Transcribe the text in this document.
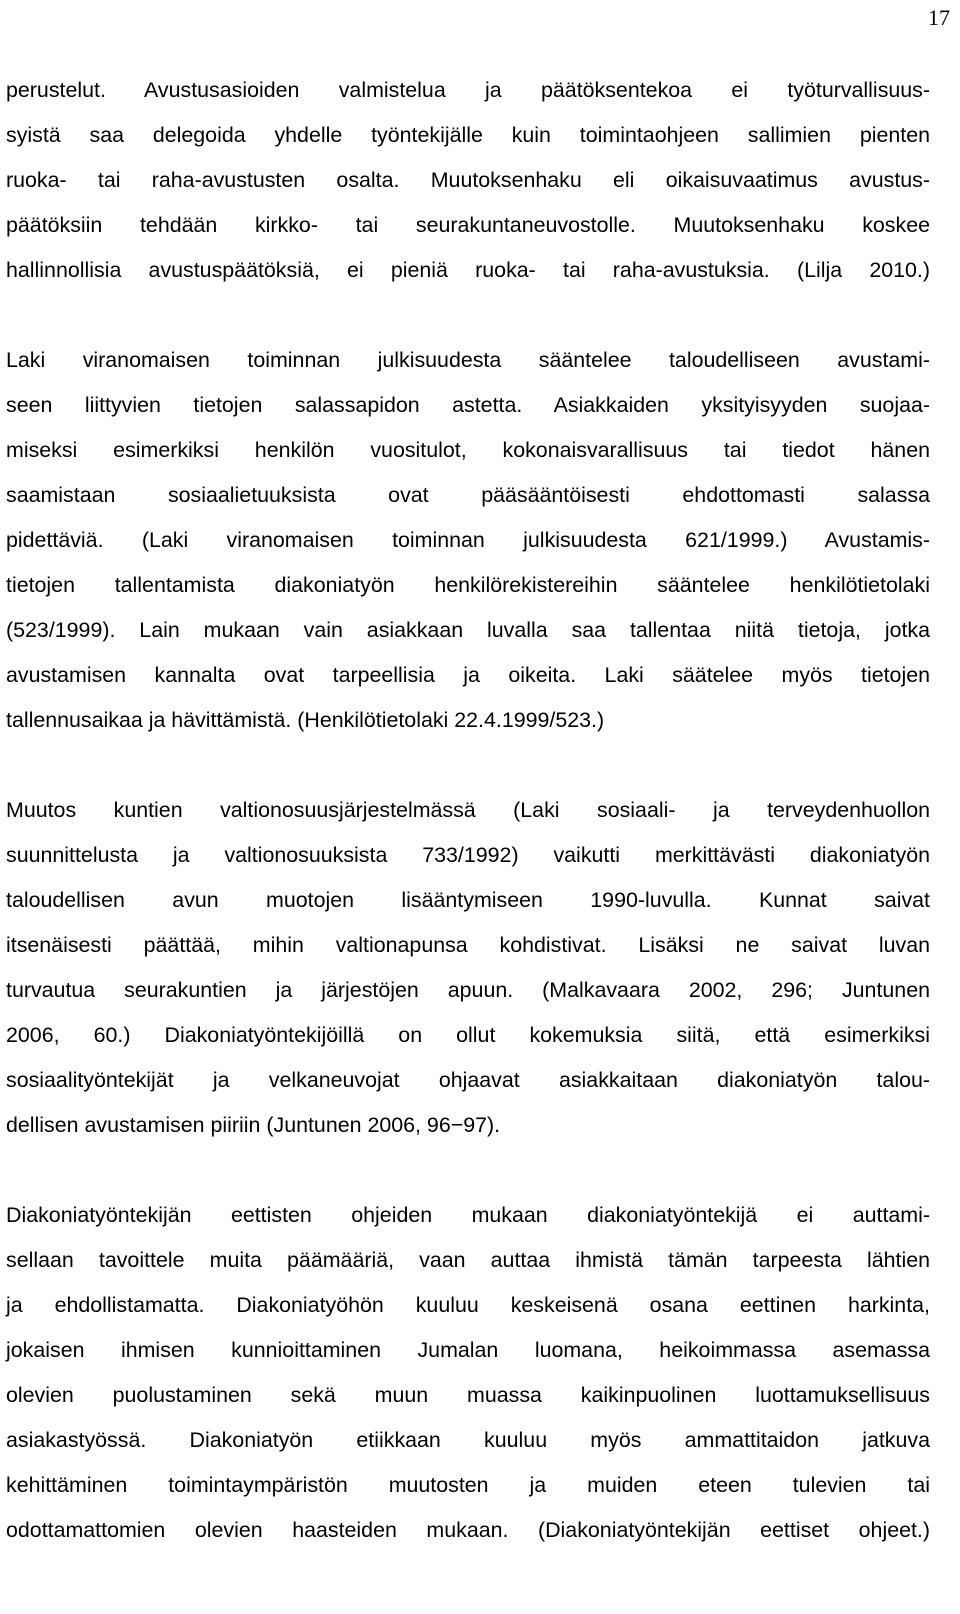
17
perustelut. Avustusasioiden valmistelua ja päätöksentekoa ei työturvallisuus-
syistä saa delegoida yhdelle työntekijälle kuin toimintaohjeen sallimien pienten
ruoka- tai raha-avustusten osalta. Muutoksenhaku eli oikaisuvaatimus avustus-
päätöksiin tehdään kirkko- tai seurakuntaneuvostolle. Muutoksenhaku koskee
hallinnollisia avustuspäätöksiä, ei pieniä ruoka- tai raha-avustuksia. (Lilja 2010.)
Laki viranomaisen toiminnan julkisuudesta sääntelee taloudelliseen avustami-
seen liittyvien tietojen salassapidon astetta. Asiakkaiden yksityisyyden suojaa-
miseksi esimerkiksi henkilön vuositulot, kokonaisvarallisuus tai tiedot hänen
saamistaan sosiaalietuuksista ovat pääsääntöisesti ehdottomasti salassa
pidettäviä. (Laki viranomaisen toiminnan julkisuudesta 621/1999.) Avustamis-
tietojen tallentamista diakoniatyön henkilörekistereihin sääntelee henkilötietolaki
(523/1999). Lain mukaan vain asiakkaan luvalla saa tallentaa niitä tietoja, jotka
avustamisen kannalta ovat tarpeellisia ja oikeita. Laki säätelee myös tietojen
tallennusaikaa ja hävittämistä. (Henkilötietolaki 22.4.1999/523.)
Muutos kuntien valtionosuusjärjestelmässä (Laki sosiaali- ja terveydenhuollon
suunnittelusta ja valtionosuuksista 733/1992) vaikutti merkittävästi diakoniatyön
taloudellisen avun muotojen lisääntymiseen 1990-luvulla. Kunnat saivat
itsenäisesti päättää, mihin valtionapunsa kohdistivat. Lisäksi ne saivat luvan
turvautua seurakuntien ja järjestöjen apuun. (Malkavaara 2002, 296; Juntunen
2006, 60.) Diakoniatyöntekijöillä on ollut kokemuksia siitä, että esimerkiksi
sosiaalityöntekijät ja velkaneuvojat ohjaavat asiakkaitaan diakoniatyön talou-
dellisen avustamisen piiriin (Juntunen 2006, 96−97).
Diakoniatyöntekijän eettisten ohjeiden mukaan diakoniatyöntekijä ei auttami-
sellaan tavoittele muita päämääriä, vaan auttaa ihmistä tämän tarpeesta lähtien
ja ehdollistamatta. Diakoniatyöhön kuuluu keskeisenä osana eettinen harkinta,
jokaisen ihmisen kunnioittaminen Jumalan luomana, heikoimmassa asemassa
olevien puolustaminen sekä muun muassa kaikinpuolinen luottamuksellisuus
asiakastyössä. Diakoniatyön etiikkaan kuuluu myös ammattitaidon jatkuva
kehittäminen toimintaympäristön muutosten ja muiden eteen tulevien tai
odottamattomien olevien haasteiden mukaan. (Diakoniatyöntekijän eettiset ohjeet.)
